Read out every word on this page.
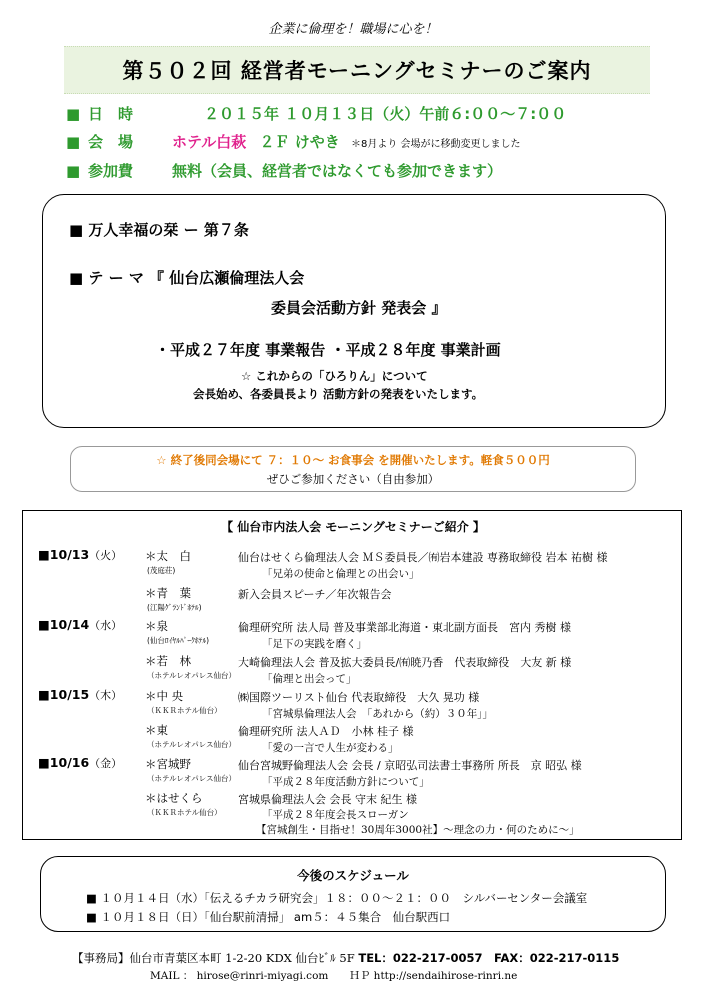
企業に倫理を！職場に心を！
第５０２回 経営者モーニングセミナーのご案内
■ 日　時	２０１５年 １０月１３日（火）午前６:００～７:００
■ 会　場	ホテル白萩 ２Ｆ けやき ＊8月より 会場がに移動変更しました
■ 参加費	無料（会員、経営者ではなくても参加できます）
■ 万人幸福の栞 ー 第７条
■ テ ー マ 『 仙台広瀬倫理法人会
委員会活動方針 発表会 』
・平成２７年度 事業報告 ・平成２８年度 事業計画
☆ これからの「ひろりん」について
会長始め、各委員長より 活動方針の発表をいたします。
☆ 終了後同会場にて ７：１０～ お食事会 を開催いたします。軽食５００円
ぜひご参加ください（自由参加）
【 仙台市内法人会 モーニングセミナーご紹介 】
■10/13（火） ＊太　白	仙台はせくら倫理法人会 ＭＳ委員長／㈲岩本建設 専務取締役 岩本 祐樹 様
(茂庭荘)	「兄弟の使命と倫理との出会い」
＊青　葉	新入会員スピーチ／年次報告会
(江陽ｸﾞﾗﾝﾄﾞﾎﾃﾙ)
■10/14（水） ＊泉	倫理研究所 法人局 普及事業部北海道・東北副方面長　宮内 秀樹 様
(仙台ﾛｲﾔﾙﾊﾟｰｸﾎﾃﾙ)	「足下の実践を磨く」
＊若　林	大崎倫理法人会 普及拡大委員長/㈲暁乃香　代表取締役　大友 新 様
（ホテルレオパレス仙台） 「倫理と出会って」
■10/15（木） ＊中 央	㈱国際ツーリスト仙台 代表取締役　大久 晃功 様
（ＫＫＲホテル仙台）	「宮城県倫理法人会　「あれから（約）３０年」」
＊東	倫理研究所 法人ＡＤ　小林 桂子 様
（ホテルレオパレス仙台） 「愛の一言で人生が変わる」
■10/16（金） ＊宮城野	仙台宮城野倫理法人会 会長 / 京昭弘司法書士事務所 所長　京 昭弘 様
（ホテルレオパレス仙台） 「平成２８年度活動方針について」
＊はせくら	宮城県倫理法人会 会長 守末 紀生 様
（ＫＫＲホテル仙台）	「平成２８年度会長スローガン
【宮城創生・目指せ！30周年3000社】～理念の力・何のために～」
今後のスケジュール
■ １０月１４日（水）「伝えるチカラ研究会」１８：００～２１：００　シルバーセンター会議室
■ １０月１８日（日）「仙台駅前清掃」 am５：４５集合　仙台駅西口
【事務局】仙台市青葉区本町 1-2-20 KDX 仙台ﾋﾞﾙ 5F TEL：022-217-0057　FAX：022-217-0115
MAIL ： hirose@rinri-miyagi.com　　ＨＰ http://sendaihirose-rinri.ne
